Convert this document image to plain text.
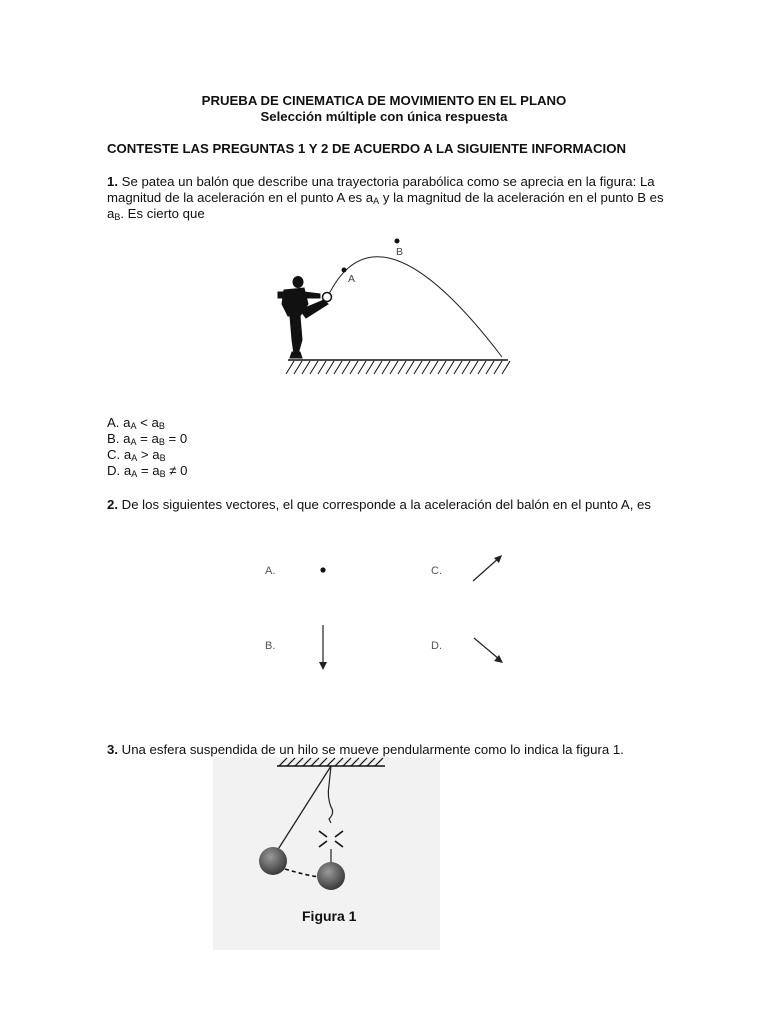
PRUEBA DE CINEMATICA DE MOVIMIENTO EN EL PLANO
Selección múltiple con única respuesta
CONTESTE LAS PREGUNTAS 1 Y 2 DE ACUERDO A LA SIGUIENTE INFORMACION
1. Se patea un balón que describe una trayectoria parabólica como se aprecia en la figura: La magnitud de la aceleración en el punto A es $a_A$ y la magnitud de la aceleración en el punto B es $a_B$. Es cierto que
A
B
A. $a_A < a_B$
B. $a_A = a_B = 0$
C. $a_A > a_B$
D. $a_A = a_B \ne 0$
2. De los siguientes vectores, el que corresponde a la aceleración del balón en el punto A, es
A.	C.
B.	D.
3. Una esfera suspendida de un hilo se mueve pendularmente como lo indica la figura 1.
Figura 1
